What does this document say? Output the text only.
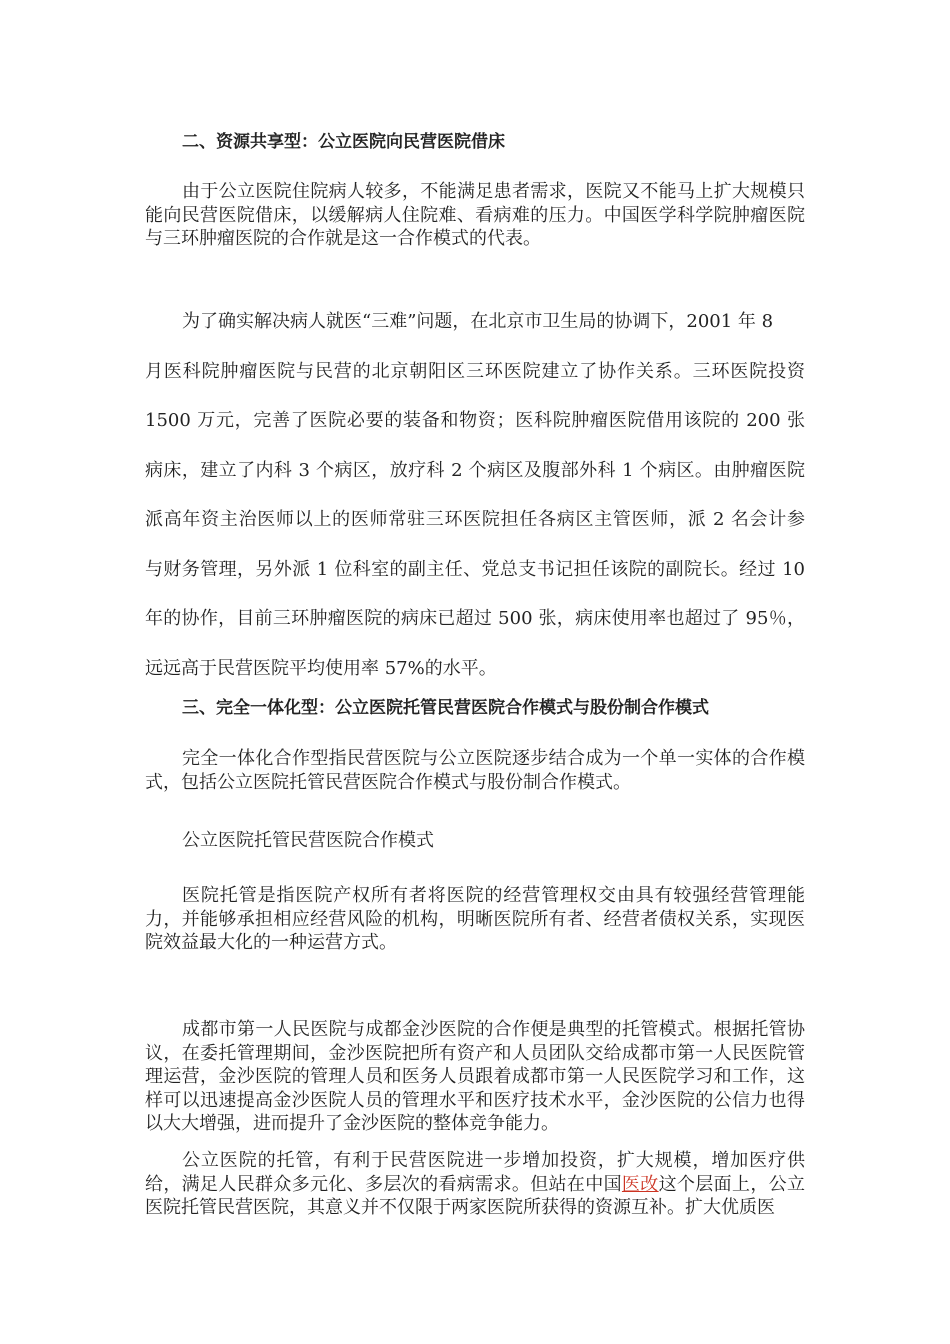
二、资源共享型：公立医院向民营医院借床

由于公立医院住院病人较多，不能满足患者需求，医院又不能马上扩大规模只能向民营医院借床，以缓解病人住院难、看病难的压力。中国医学科学院肿瘤医院与三环肿瘤医院的合作就是这一合作模式的代表。

为了确实解决病人就医“三难”问题，在北京市卫生局的协调下，2001 年 8
月医科院肿瘤医院与民营的北京朝阳区三环医院建立了协作关系。三环医院投资
1500 万元，完善了医院必要的装备和物资；医科院肿瘤医院借用该院的 200 张
病床，建立了内科 3 个病区，放疗科 2 个病区及腹部外科 1 个病区。由肿瘤医院
派高年资主治医师以上的医师常驻三环医院担任各病区主管医师，派 2 名会计参
与财务管理，另外派 1 位科室的副主任、党总支书记担任该院的副院长。经过 10
年的协作，目前三环肿瘤医院的病床已超过 500 张，病床使用率也超过了 95％，
远远高于民营医院平均使用率 57%的水平。

三、完全一体化型：公立医院托管民营医院合作模式与股份制合作模式

完全一体化合作型指民营医院与公立医院逐步结合成为一个单一实体的合作模式，包括公立医院托管民营医院合作模式与股份制合作模式。

公立医院托管民营医院合作模式

医院托管是指医院产权所有者将医院的经营管理权交由具有较强经营管理能力，并能够承担相应经营风险的机构，明晰医院所有者、经营者债权关系，实现医院效益最大化的一种运营方式。

成都市第一人民医院与成都金沙医院的合作便是典型的托管模式。根据托管协议，在委托管理期间，金沙医院把所有资产和人员团队交给成都市第一人民医院管理运营，金沙医院的管理人员和医务人员跟着成都市第一人民医院学习和工作，这样可以迅速提高金沙医院人员的管理水平和医疗技术水平，金沙医院的公信力也得以大大增强，进而提升了金沙医院的整体竞争能力。

公立医院的托管，有利于民营医院进一步增加投资，扩大规模，增加医疗供给，满足人民群众多元化、多层次的看病需求。但站在中国医改这个层面上，公立医院托管民营医院，其意义并不仅限于两家医院所获得的资源互补。扩大优质医
